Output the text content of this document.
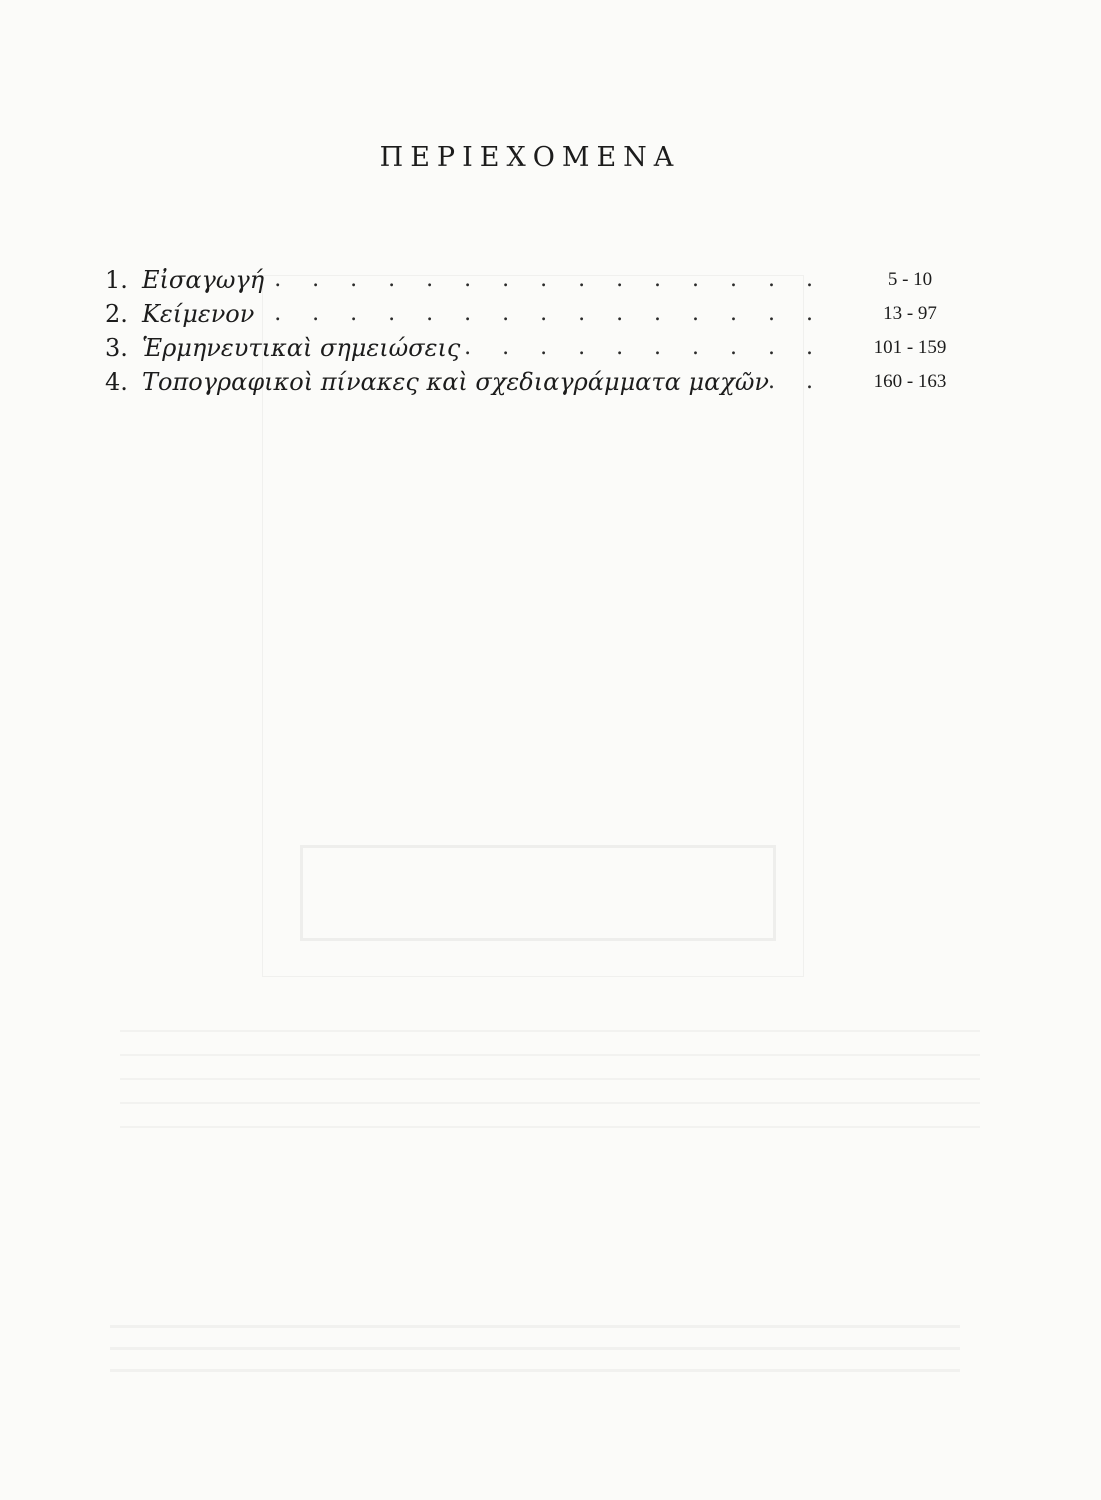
ΠΕΡΙΕΧΟΜΕΝΑ
1. Εἰσαγωγή . . . . . . . . . . . . . . .	5 - 10
2. Κείμενον . . . . . . . . . . . . . . .	13 - 97
3. Ἑρμηνευτικαὶ σημειώσεις . . . . . . . . . .	101 - 159
4. Τοπογραφικοὶ πίνακες καὶ σχεδιαγράμματα μαχῶν . .	160 - 163
